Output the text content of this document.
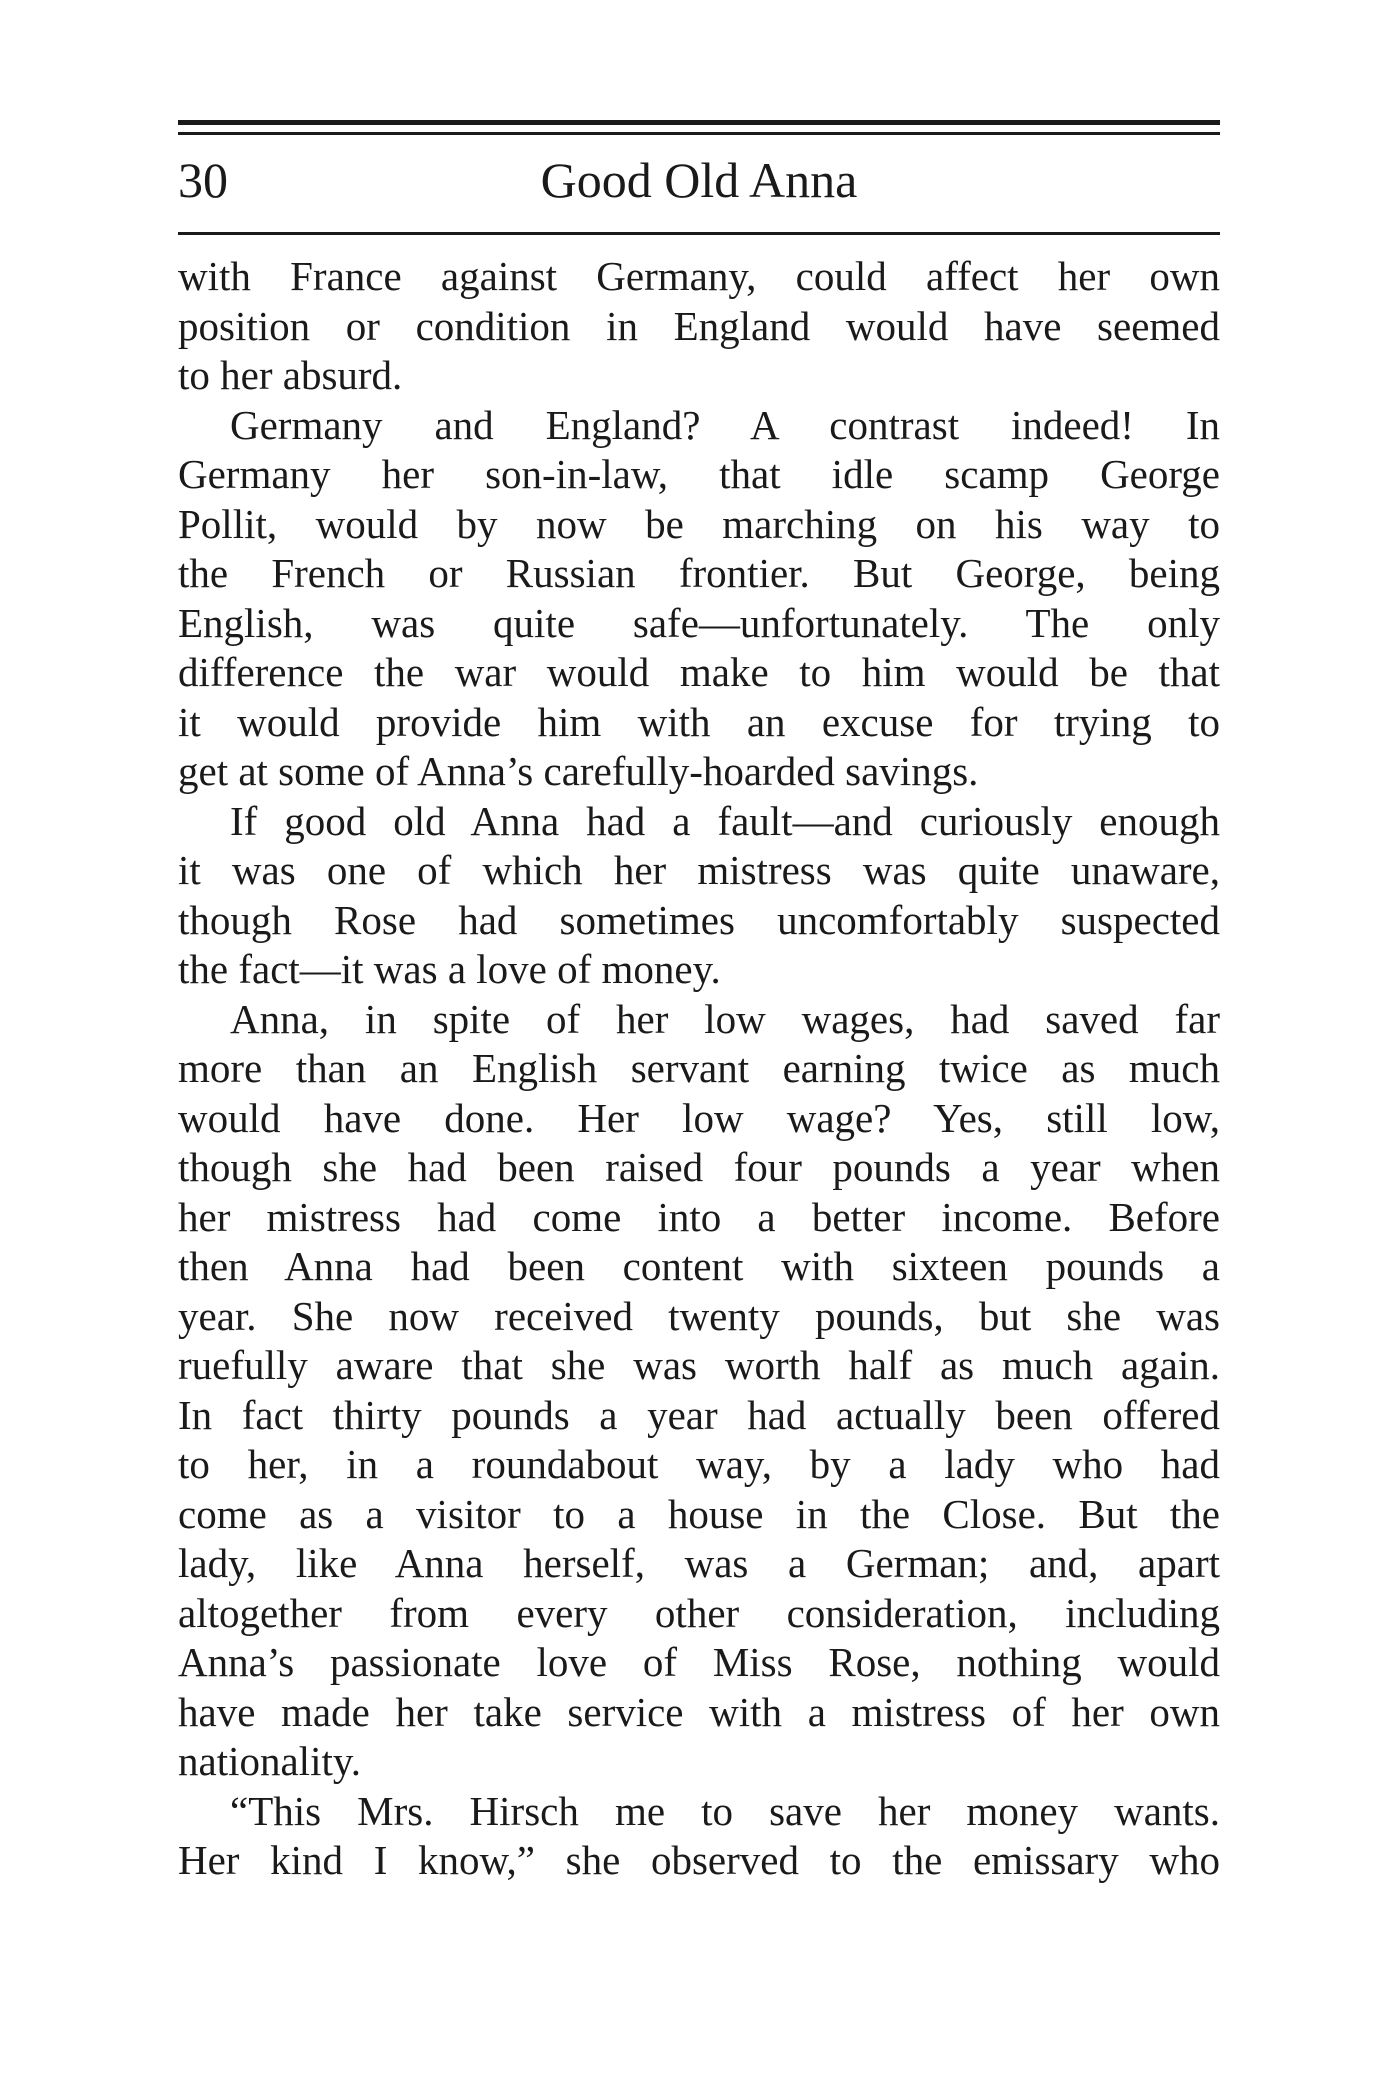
30	Good Old Anna
with France against Germany, could affect her own
position or condition in England would have seemed
to her absurd.
Germany and England? A contrast indeed! In
Germany her son-in-law, that idle scamp George
Pollit, would by now be marching on his way to
the French or Russian frontier. But George, being
English, was quite safe—unfortunately. The only
difference the war would make to him would be that
it would provide him with an excuse for trying to
get at some of Anna’s carefully-hoarded savings.
If good old Anna had a fault—and curiously enough
it was one of which her mistress was quite unaware,
though Rose had sometimes uncomfortably suspected
the fact—it was a love of money.
Anna, in spite of her low wages, had saved far
more than an English servant earning twice as much
would have done. Her low wage? Yes, still low,
though she had been raised four pounds a year when
her mistress had come into a better income. Before
then Anna had been content with sixteen pounds a
year. She now received twenty pounds, but she was
ruefully aware that she was worth half as much again.
In fact thirty pounds a year had actually been offered
to her, in a roundabout way, by a lady who had
come as a visitor to a house in the Close. But the
lady, like Anna herself, was a German; and, apart
altogether from every other consideration, including
Anna’s passionate love of Miss Rose, nothing would
have made her take service with a mistress of her own
nationality.
“This Mrs. Hirsch me to save her money wants.
Her kind I know,” she observed to the emissary who
